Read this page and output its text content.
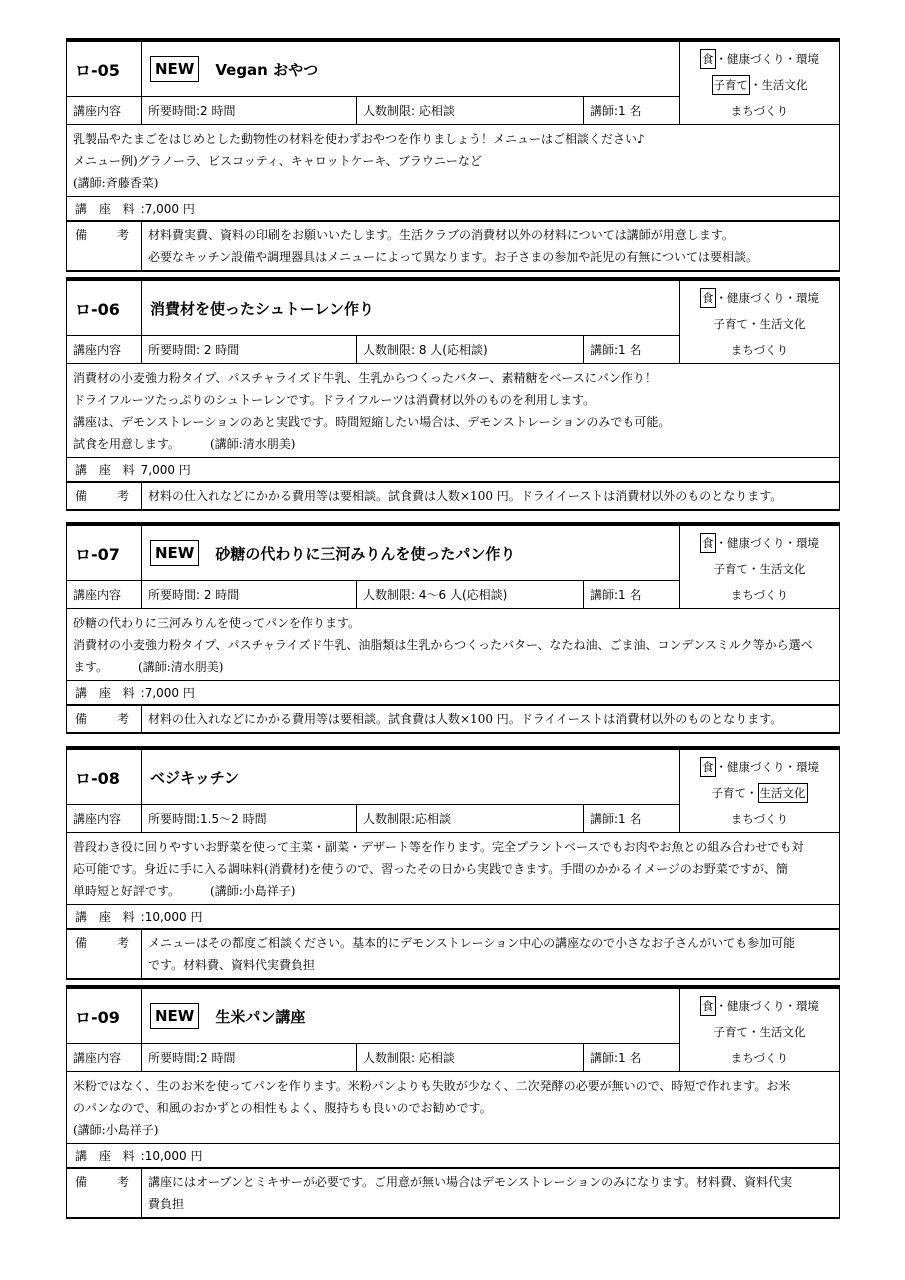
ロ-05	NEW	Vegan おやつ
講座内容	所要時間:2 時間	人数制限: 応相談	講師:1 名
食 ・健康づくり・環境
子育て ・ 生活文化
まちづくり

乳製品やたまごをはじめとした動物性の材料を使わずおやつを作りましょう！メニューはご相談ください♪

メニュー例)グラノーラ、ビスコッティ、キャロットケーキ、ブラウニーなど

(講師:斉藤香菜)

講 座 料 : 7,000 円
備 考 材料費実費、資料の印刷をお願いいたします。生活クラブの消費材以外の材料については講師が用意します。

必要なキッチン設備や調理器具はメニューによって異なります。お子さまの参加や託児の有無については要相談。

ロ-06	消費材を使ったシュトーレン作り
講座内容	所要時間: 2 時間	人数制限: 8 人(応相談)	講師:1 名
食 ・健康づくり・環境
子育て ・ 生活文化
まちづくり

消費材の小麦強力粉タイプ、パスチャライズド牛乳、生乳からつくったバター、素精糖をベースにパン作り！

ドライフルーツたっぷりのシュトーレンです。ドライフルーツは消費材以外のものを利用します。

講座は、デモンストレーションのあと実践です。時間短縮したい場合は、デモンストレーションのみでも可能。

試食を用意します。　　　(講師:清水朋美)

講 座 料 7,000 円
備 考 材料の仕入れなどにかかる費用等は要相談。試食費は人数×100 円。ドライイーストは消費材以外のものとなります。

ロ-07	NEW	砂糖の代わりに三河みりんを使ったパン作り
講座内容	所要時間: 2 時間	人数制限: 4〜6 人(応相談)	講師:1 名
食 ・健康づくり・環境
子育て ・ 生活文化
まちづくり

砂糖の代わりに三河みりんを使ってパンを作ります。

消費材の小麦強力粉タイプ、パスチャライズド牛乳、油脂類は生乳からつくったバター、なたね油、ごま油、コンデンスミルク等から選べ

ます。　　　(講師:清水朋美)

講 座 料 : 7,000 円
備 考 材料の仕入れなどにかかる費用等は要相談。試食費は人数×100 円。ドライイーストは消費材以外のものとなります。

ロ-08	ベジキッチン
講座内容	所要時間:1.5〜2 時間	人数制限:応相談	講師:1 名
食 ・健康づくり・環境
子育て ・ 生活文化
まちづくり

普段わき役に回りやすいお野菜を使って主菜・副菜・デザート等を作ります。完全プラントベースでもお肉やお魚との組み合わせでも対

応可能です。身近に手に入る調味料(消費材)を使うので、習ったその日から実践できます。手間のかかるイメージのお野菜ですが、簡

単時短と好評です。　　　(講師:小島祥子)

講 座 料 : 10,000 円
備 考 メニューはその都度ご相談ください。基本的にデモンストレーション中心の講座なので小さなお子さんがいても参加可能

です。材料費、資料代実費負担

ロ-09	NEW	生米パン講座
講座内容	所要時間:2 時間	人数制限: 応相談	講師:1 名
食 ・健康づくり・環境
子育て ・ 生活文化
まちづくり

米粉ではなく、生のお米を使ってパンを作ります。米粉パンよりも失敗が少なく、二次発酵の必要が無いので、時短で作れます。お米

のパンなので、和風のおかずとの相性もよく、腹持ちも良いのでお勧めです。

(講師:小島祥子)

講 座 料 : 10,000 円
備 考 講座にはオーブンとミキサーが必要です。ご用意が無い場合はデモンストレーションのみになります。材料費、資料代実

費負担
